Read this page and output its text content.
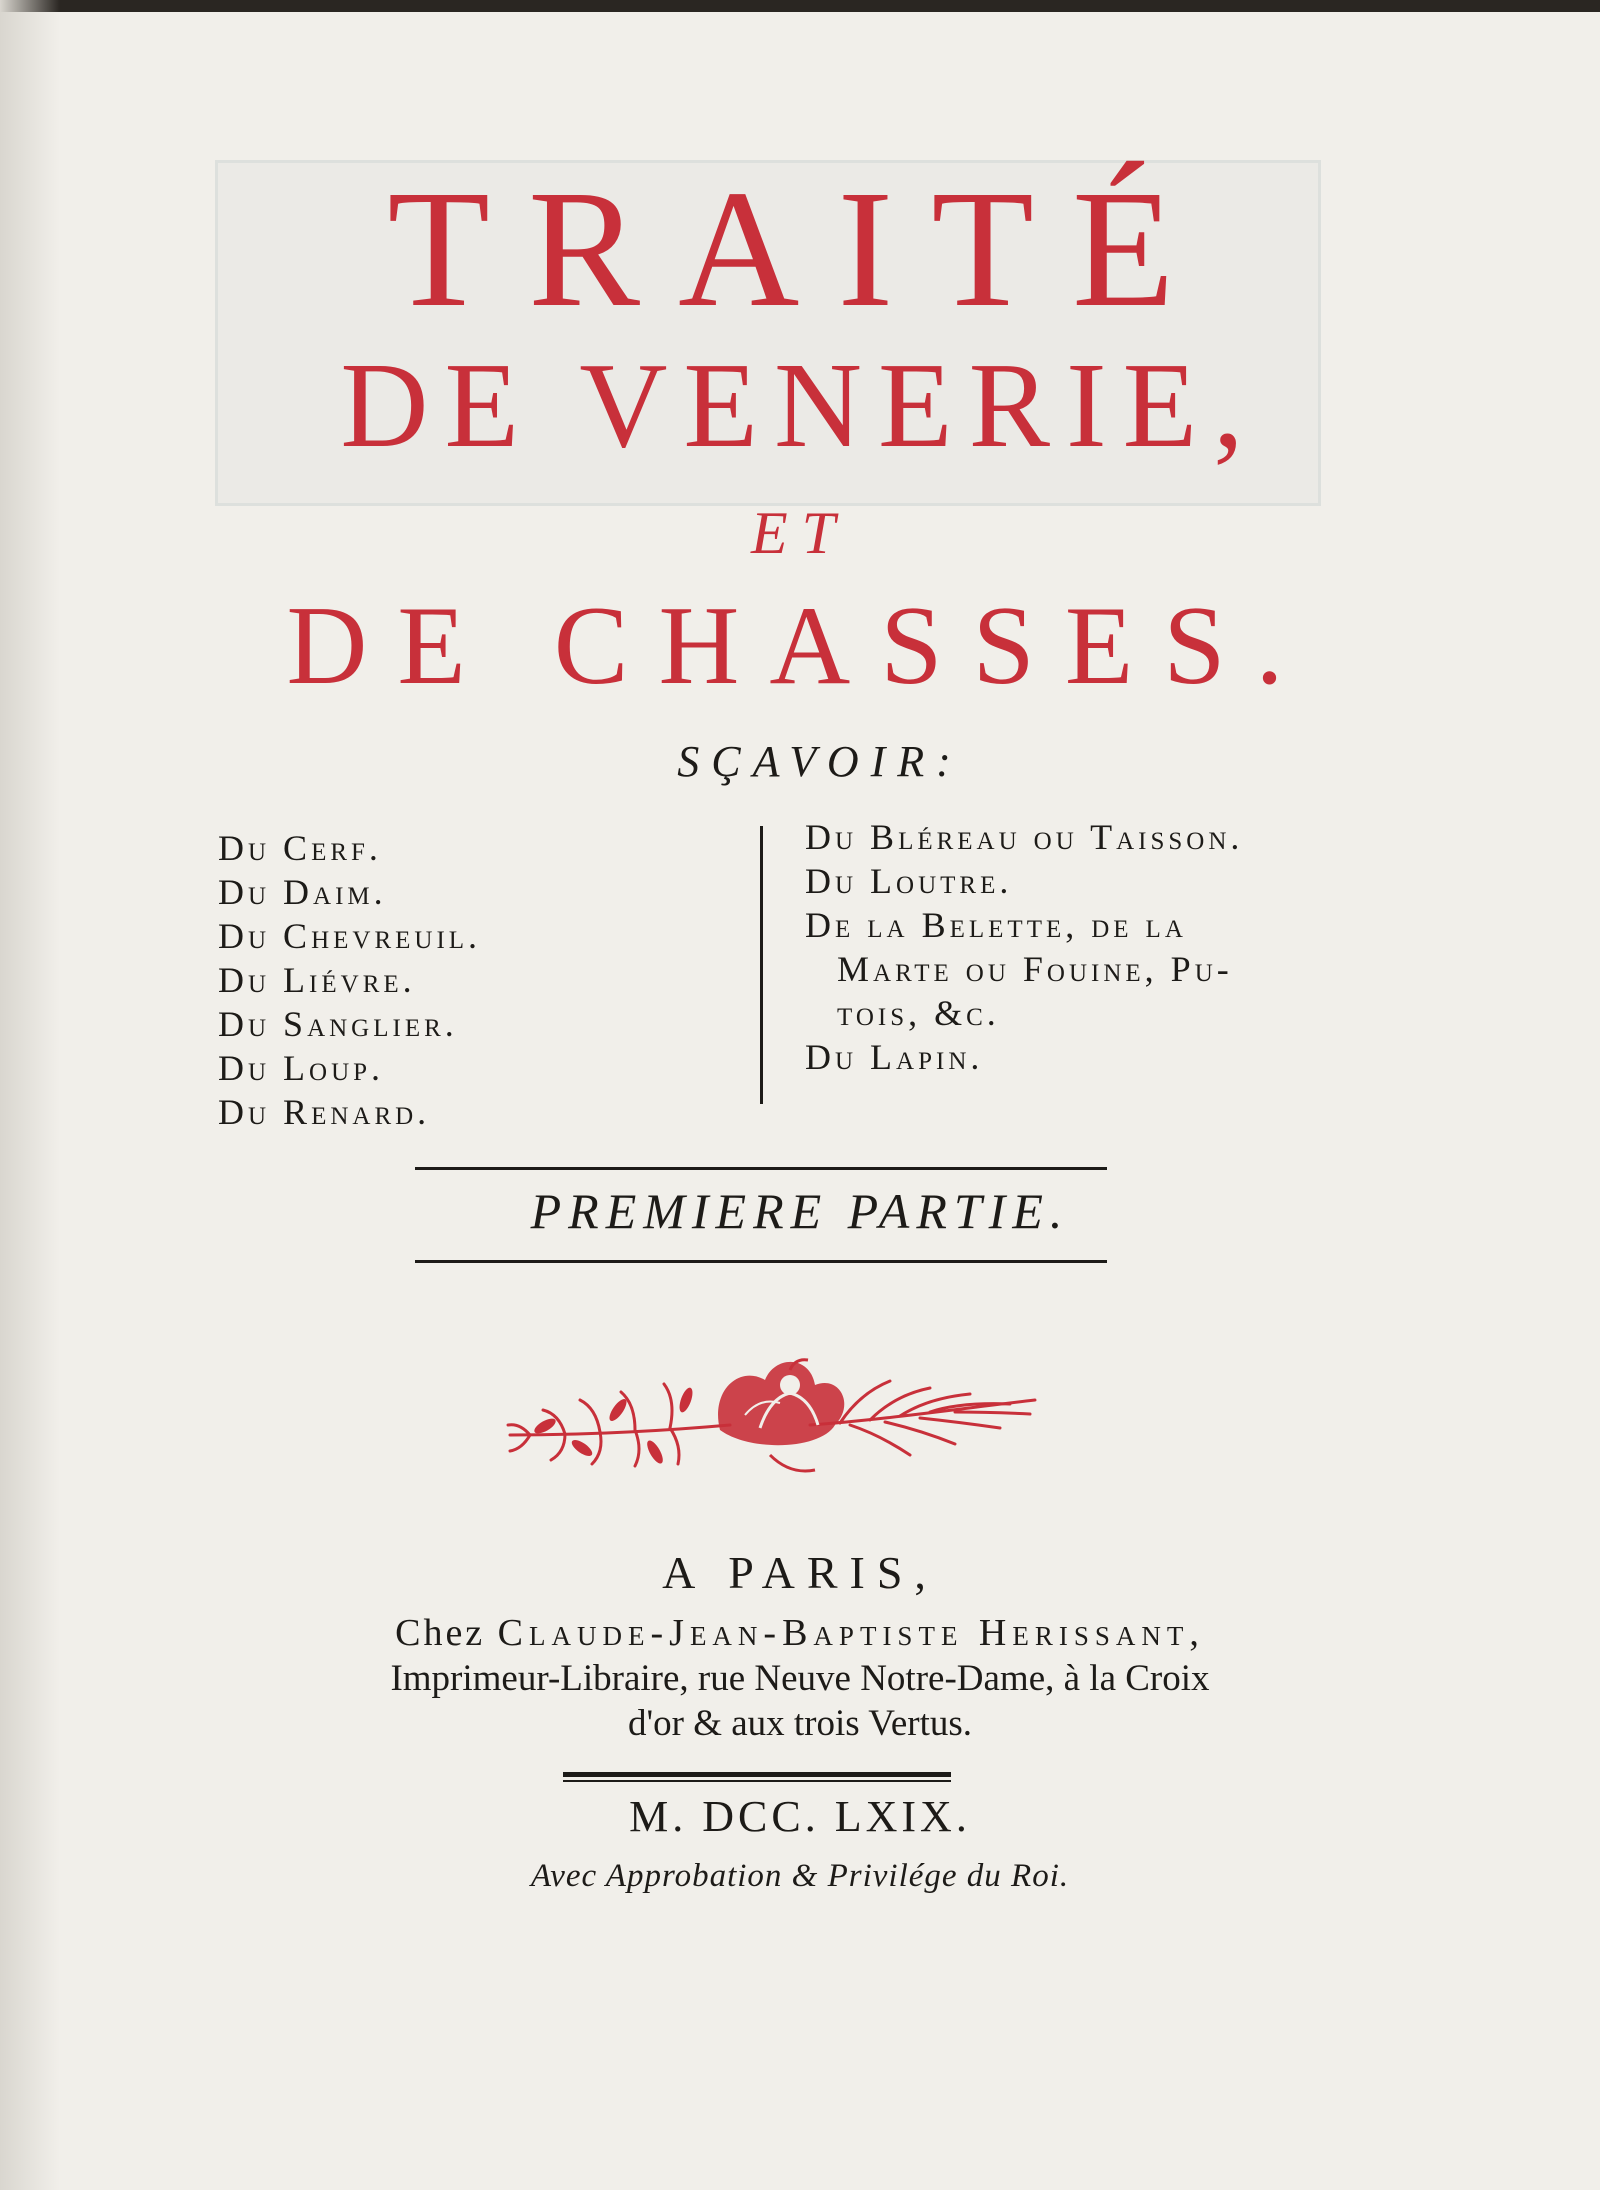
TRAITÉ
DE VENERIE,
ET
DE CHASSES.
SÇAVOIR:
Du Cerf.
Du Daim.
Du Chevreuil.
Du Liévre.
Du Sanglier.
Du Loup.
Du Renard.
Du Bléreau ou Taisson.
Du Loutre.
De la Belette, de la
Marte ou Fouine, Pu-
tois, &c.
Du Lapin.
PREMIERE PARTIE.
A PARIS,
Chez Claude-Jean-Baptiste Herissant,
Imprimeur-Libraire, rue Neuve Notre-Dame, à la Croix
d'or & aux trois Vertus.
M. DCC. LXIX.
Avec Approbation & Privilége du Roi.
